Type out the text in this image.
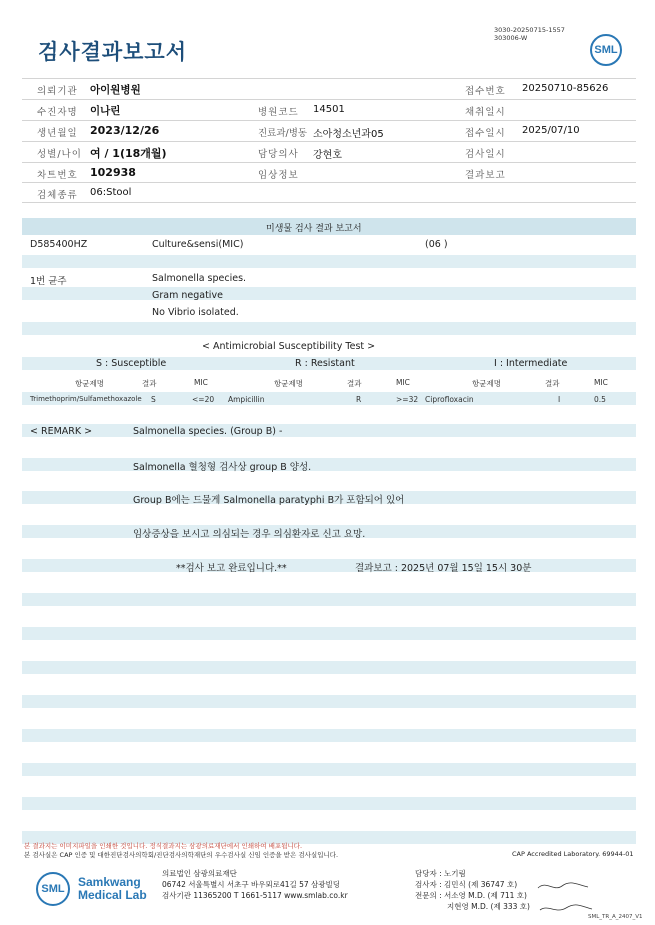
검사결과보고서
3030-20250715-1557
303006-W
SML
의뢰기관 아이원병원	접수번호 20250710-85626
수진자명 이나린	병원코드 14501	채취일시
생년월일 2023/12/26	진료과/병동 소아청소년과05	접수일시 2025/07/10
성별/나이 여 / 1(18개월)	담당의사 강현호	검사일시
차트번호 102938	임상정보	결과보고
검체종류 06:Stool
미생물 검사 결과 보고서
D585400HZ	Culture&sensi(MIC)	(06 )
1번 균주	Salmonella species.
Gram negative
No Vibrio isolated.
< Antimicrobial Susceptibility Test >
S : Susceptible	R : Resistant	I : Intermediate
항균제명	결과	MIC	항균제명	결과	MIC	항균제명	결과	MIC
Trimethoprim/Sulfamethoxazole S	<=20 Ampicillin	R	>=32 Ciprofloxacin	I	0.5
< REMARK >	Salmonella species. (Group B) -
Salmonella 혈청형 검사상 group B 양성.
Group B에는 드물게 Salmonella paratyphi B가 포함되어 있어
임상증상을 보시고 의심되는 경우 의심환자로 신고 요망.
**검사 보고 완료입니다.**	결과보고 : 2025년 07월 15일 15시 30분
본 결과지는 이미지파일을 인쇄한 것입니다. 정식결과지는 삼광의료재단에서 인쇄하여 배포됩니다.
본 검사실은 CAP 인증 및 대한진단검사의학회/진단검사의학재단의 우수검사실 신임 인증을 받은 검사실입니다.	CAP Accredited Laboratory. 69944-01
SML Samkwang
Medical Lab
의료법인 삼광의료재단
06742 서울특별시 서초구 바우뫼로41길 57 삼광빌딩
검사기관 11365200 T 1661-5117 www.smlab.co.kr
담당자 : 노기림
검사자 : 김민식 (제 36747 호)
전문의 : 서소영 M.D. (제 711 호)
지현영 M.D. (제 333 호)
SML_TR_A_2407_V1
